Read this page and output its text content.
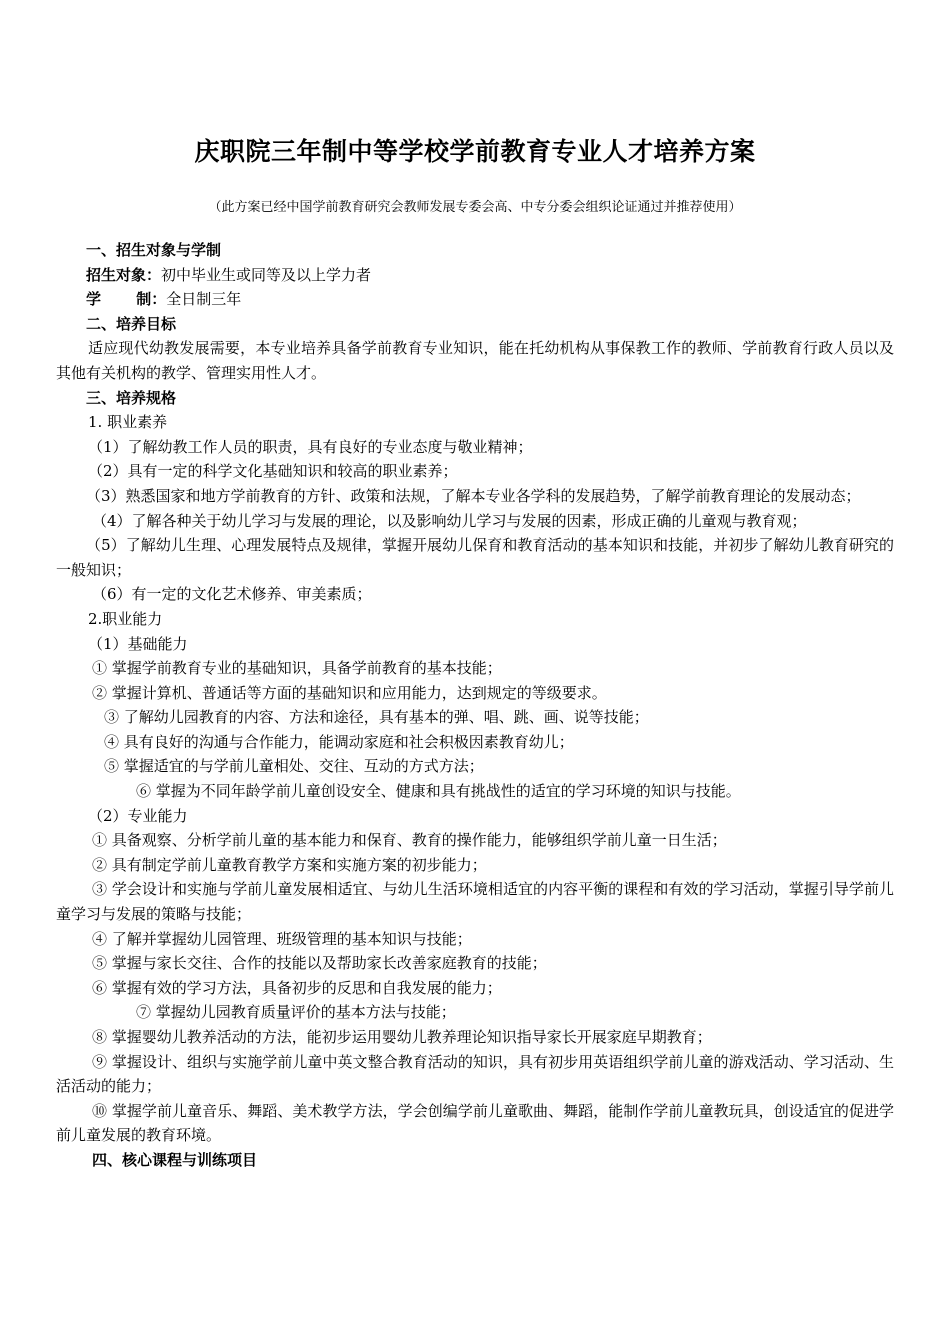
庆职院三年制中等学校学前教育专业人才培养方案
（此方案已经中国学前教育研究会教师发展专委会高、中专分委会组织论证通过并推荐使用）
一、招生对象与学制
招生对象：初中毕业生或同等及以上学力者
学　　 制：全日制三年
二、培养目标
适应现代幼教发展需要，本专业培养具备学前教育专业知识，能在托幼机构从事保教工作的教师、学前教育行政人员以及其他有关机构的教学、管理实用性人才。
三、培养规格
1. 职业素养
（1）了解幼教工作人员的职责，具有良好的专业态度与敬业精神；
（2）具有一定的科学文化基础知识和较高的职业素养；
（3）熟悉国家和地方学前教育的方针、政策和法规，了解本专业各学科的发展趋势，了解学前教育理论的发展动态；
（4）了解各种关于幼儿学习与发展的理论，以及影响幼儿学习与发展的因素，形成正确的儿童观与教育观；
（5）了解幼儿生理、心理发展特点及规律，掌握开展幼儿保育和教育活动的基本知识和技能，并初步了解幼儿教育研究的一般知识；
（6）有一定的文化艺术修养、审美素质；
2.职业能力
（1）基础能力
① 掌握学前教育专业的基础知识，具备学前教育的基本技能；
② 掌握计算机、普通话等方面的基础知识和应用能力，达到规定的等级要求。
③ 了解幼儿园教育的内容、方法和途径，具有基本的弹、唱、跳、画、说等技能；
④ 具有良好的沟通与合作能力，能调动家庭和社会积极因素教育幼儿；
⑤ 掌握适宜的与学前儿童相处、交往、互动的方式方法；
⑥ 掌握为不同年龄学前儿童创设安全、健康和具有挑战性的适宜的学习环境的知识与技能。
（2）专业能力
① 具备观察、分析学前儿童的基本能力和保育、教育的操作能力，能够组织学前儿童一日生活；
② 具有制定学前儿童教育教学方案和实施方案的初步能力；
③ 学会设计和实施与学前儿童发展相适宜、与幼儿生活环境相适宜的内容平衡的课程和有效的学习活动，掌握引导学前儿童学习与发展的策略与技能；
④ 了解并掌握幼儿园管理、班级管理的基本知识与技能；
⑤ 掌握与家长交往、合作的技能以及帮助家长改善家庭教育的技能；
⑥ 掌握有效的学习方法，具备初步的反思和自我发展的能力；
⑦ 掌握幼儿园教育质量评价的基本方法与技能；
⑧ 掌握婴幼儿教养活动的方法，能初步运用婴幼儿教养理论知识指导家长开展家庭早期教育；
⑨ 掌握设计、组织与实施学前儿童中英文整合教育活动的知识，具有初步用英语组织学前儿童的游戏活动、学习活动、生活活动的能力；
⑩ 掌握学前儿童音乐、舞蹈、美术教学方法，学会创编学前儿童歌曲、舞蹈，能制作学前儿童教玩具，创设适宜的促进学前儿童发展的教育环境。
四、核心课程与训练项目
